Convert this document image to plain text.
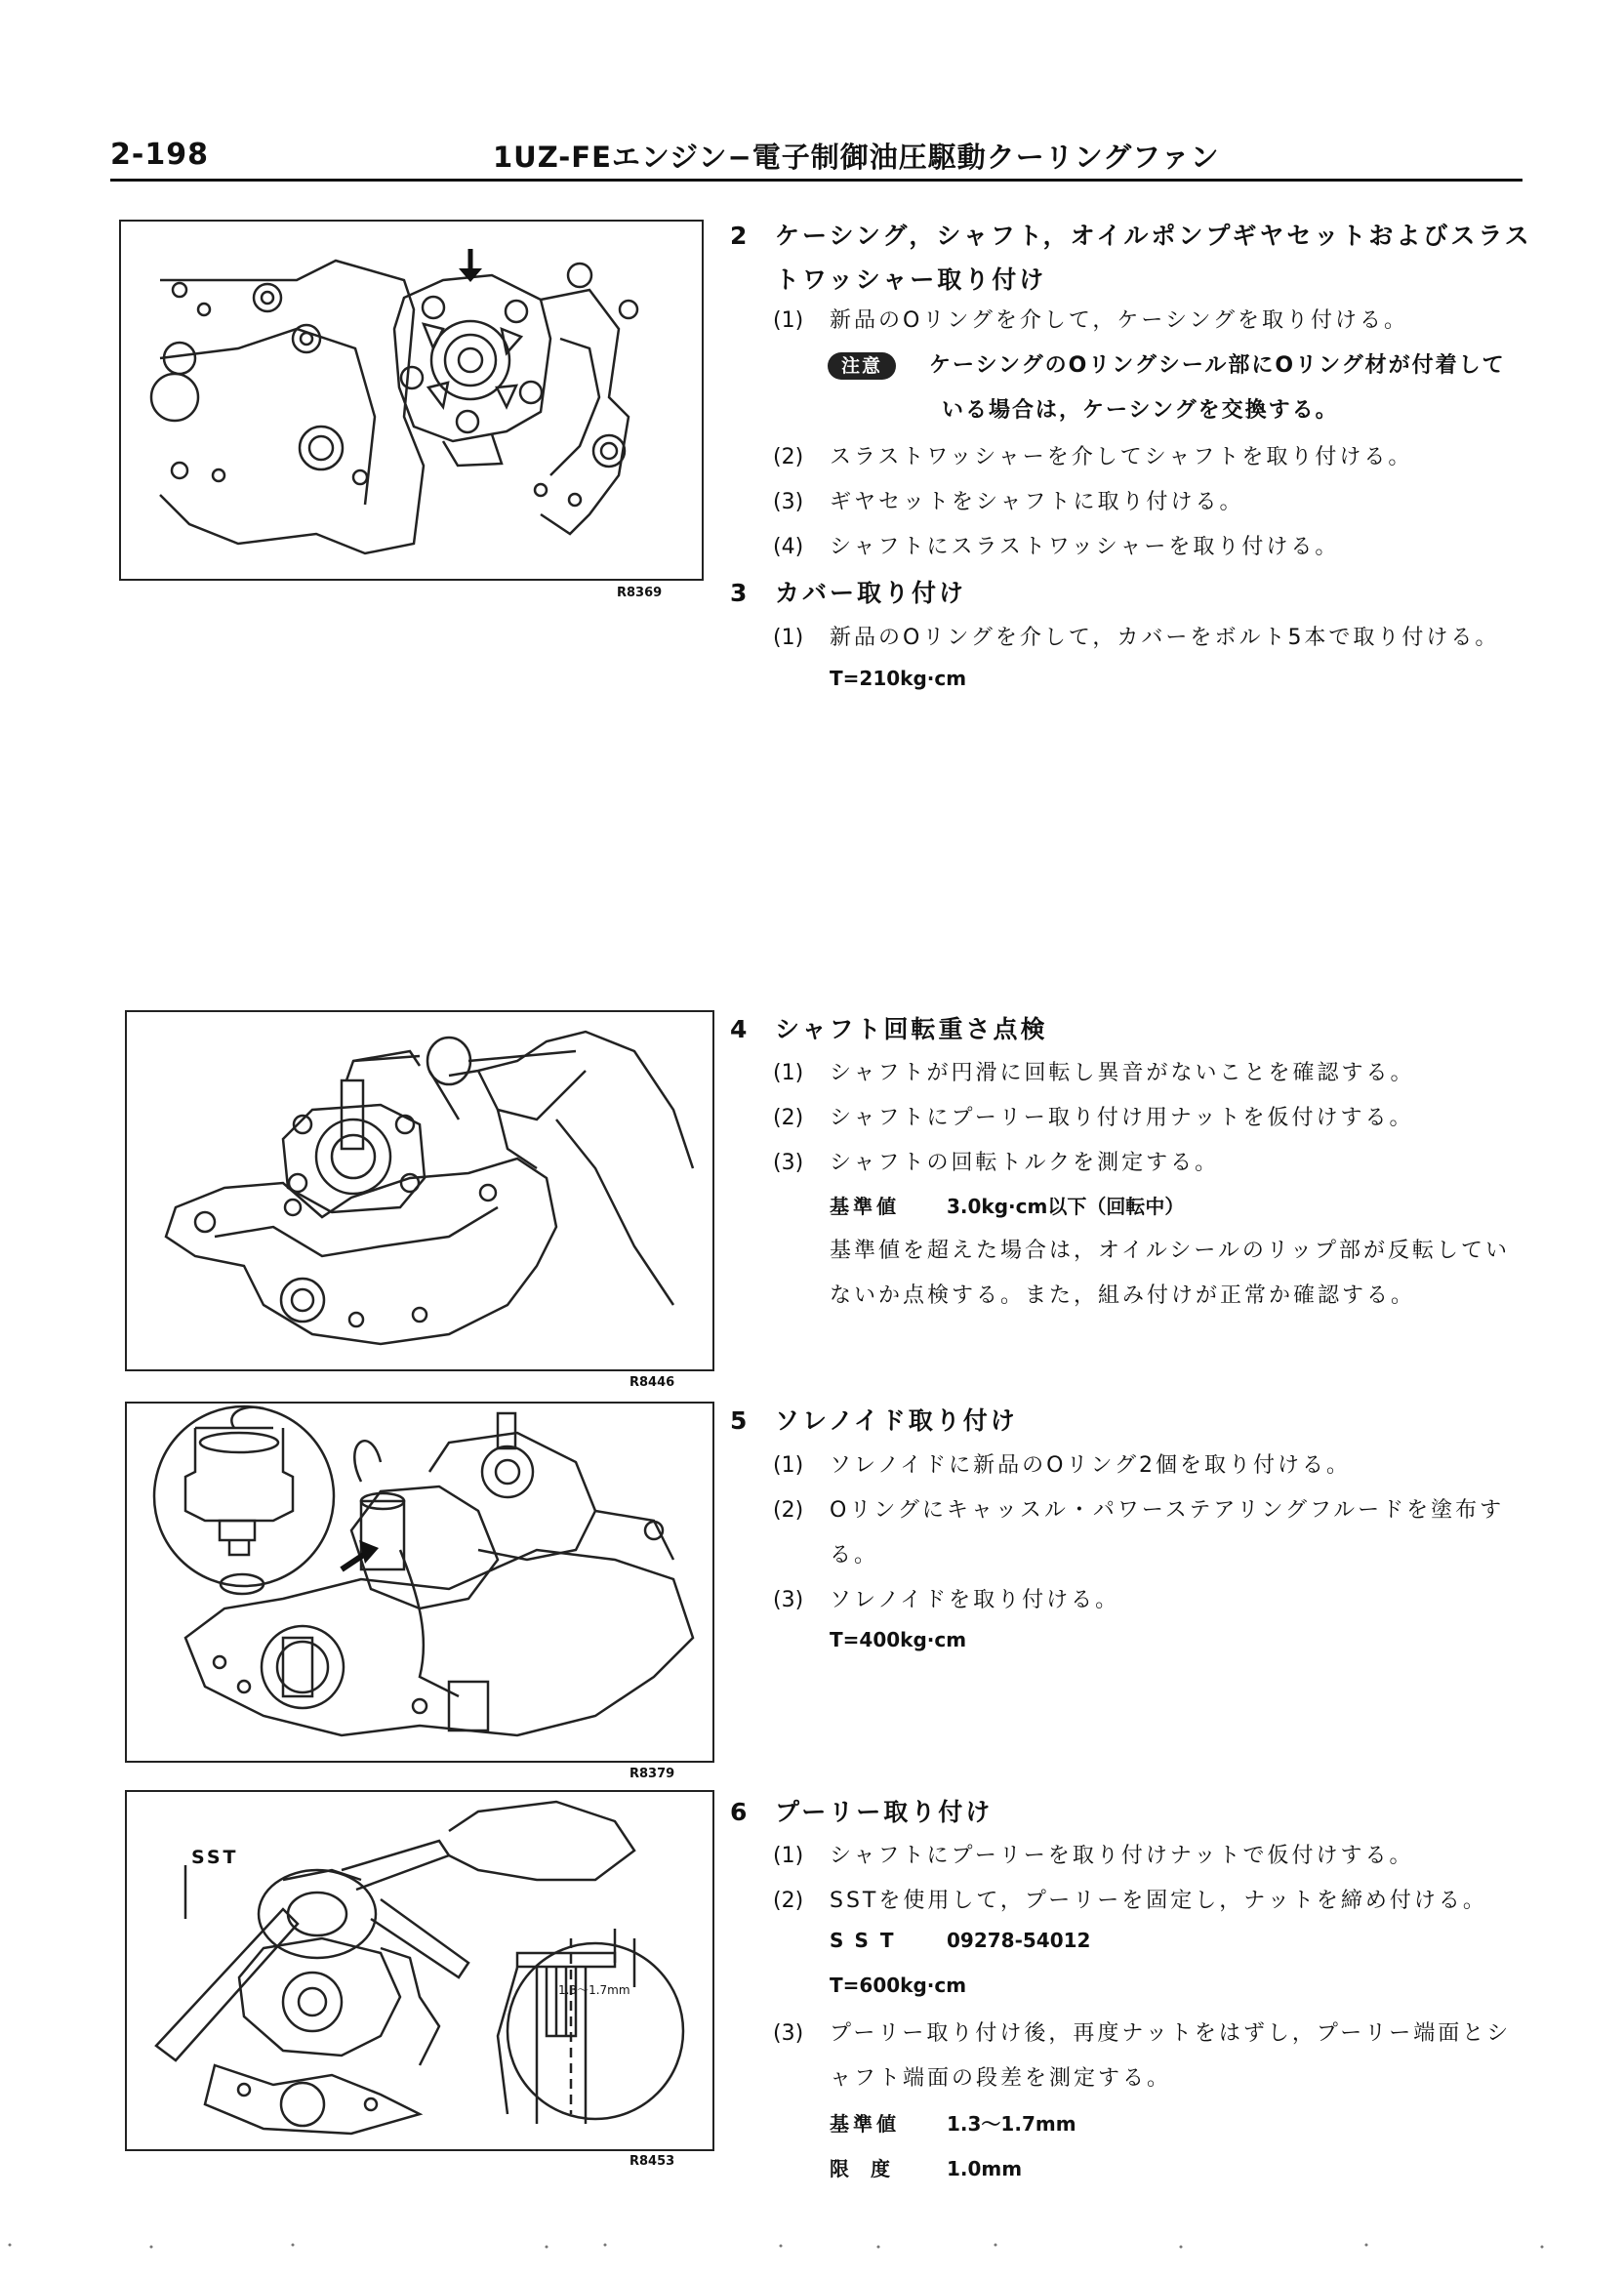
2-198	1UZ-FEエンジン−電子制御油圧駆動クーリングファン
R8369
2 ケーシング，シャフト，オイルポンプギヤセットおよびスラス
トワッシャー取り付け
(1) 新品のOリングを介して，ケーシングを取り付ける。
注意 ケーシングのOリングシール部にOリング材が付着して
いる場合は，ケーシングを交換する。
(2) スラストワッシャーを介してシャフトを取り付ける。
(3) ギヤセットをシャフトに取り付ける。
(4) シャフトにスラストワッシャーを取り付ける。
3 カバー取り付け
(1) 新品のOリングを介して，カバーをボルト5本で取り付ける。
T=210kg·cm
R8446
4 シャフト回転重さ点検
(1) シャフトが円滑に回転し異音がないことを確認する。
(2) シャフトにプーリー取り付け用ナットを仮付けする。
(3) シャフトの回転トルクを測定する。
基準値 3.0kg·cm以下（回転中）
基準値を超えた場合は，オイルシールのリップ部が反転してい
ないか点検する。また，組み付けが正常か確認する。
R8379
5 ソレノイド取り付け
(1) ソレノイドに新品のOリング2個を取り付ける。
(2) Oリングにキャッスル・パワーステアリングフルードを塗布す
る。
(3) ソレノイドを取り付ける。
T=400kg·cm
SST
1.3〜1.7mm
R8453
6 プーリー取り付け
(1) シャフトにプーリーを取り付けナットで仮付けする。
(2) SSTを使用して，プーリーを固定し，ナットを締め付ける。
SST 09278-54012
T=600kg·cm
(3) プーリー取り付け後，再度ナットをはずし，プーリー端面とシ
ャフト端面の段差を測定する。
基準値 1.3〜1.7mm
限度 1.0mm
